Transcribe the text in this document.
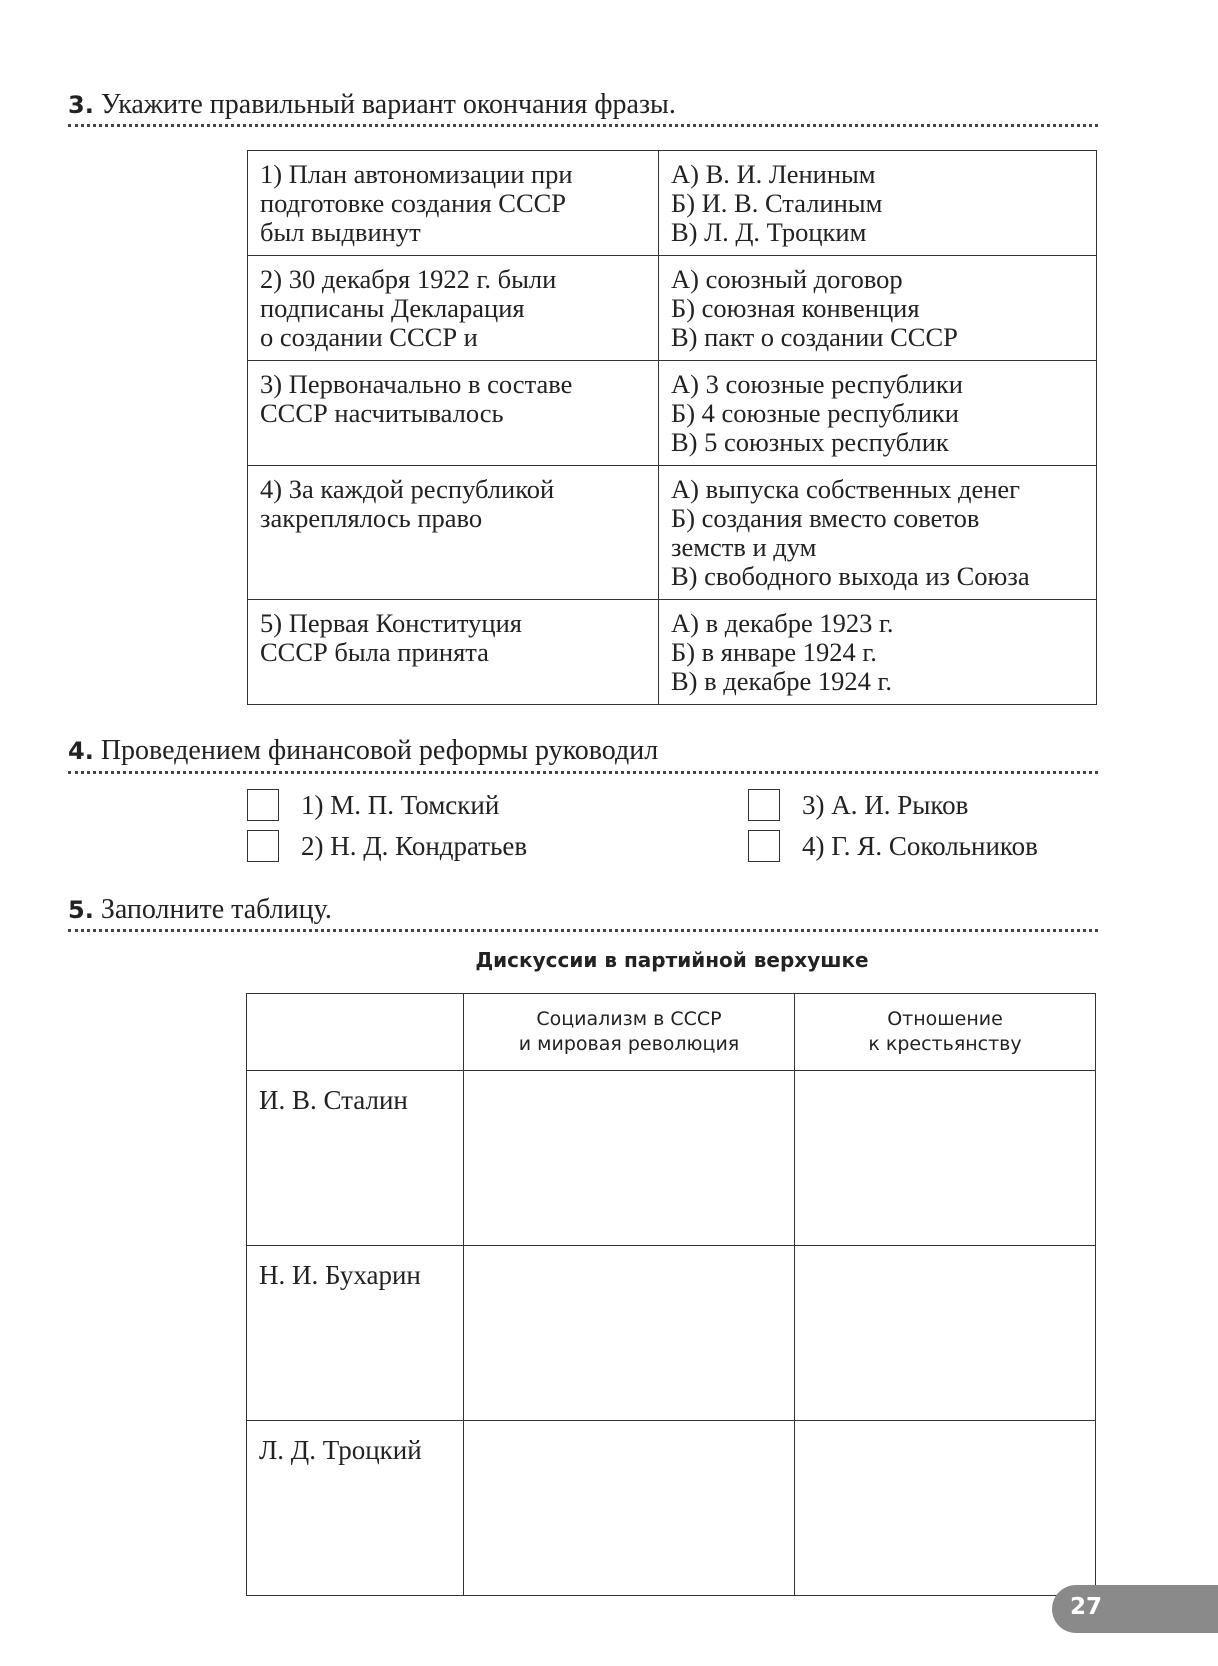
3. Укажите правильный вариант окончания фразы.
1) План автономизации при
подготовке создания СССР
был выдвинут	А) В. И. Лениным
Б) И. В. Сталиным
В) Л. Д. Троцким

2) 30 декабря 1922 г. были
подписаны Декларация
о создании СССР и	А) союзный договор
Б) союзная конвенция
В) пакт о создании СССР

3) Первоначально в составе
СССР насчитывалось	А) 3 союзные республики
Б) 4 союзные республики
В) 5 союзных республик

4) За каждой республикой
закреплялось право	А) выпуска собственных денег
Б) создания вместо советов
земств и дум
В) свободного выхода из Союза

5) Первая Конституция
СССР была принята	А) в декабре 1923 г.
Б) в январе 1924 г.
В) в декабре 1924 г.
4. Проведением финансовой реформы руководил
1) М. П. Томский
2) Н. Д. Кондратьев
3) А. И. Рыков
4) Г. Я. Сокольников
5. Заполните таблицу.
Дискуссии в партийной верхушке

	Социализм в СССР
и мировая революция	Отношение
к крестьянству

И. В. Сталин		
Н. И. Бухарин		
Л. Д. Троцкий		
27
